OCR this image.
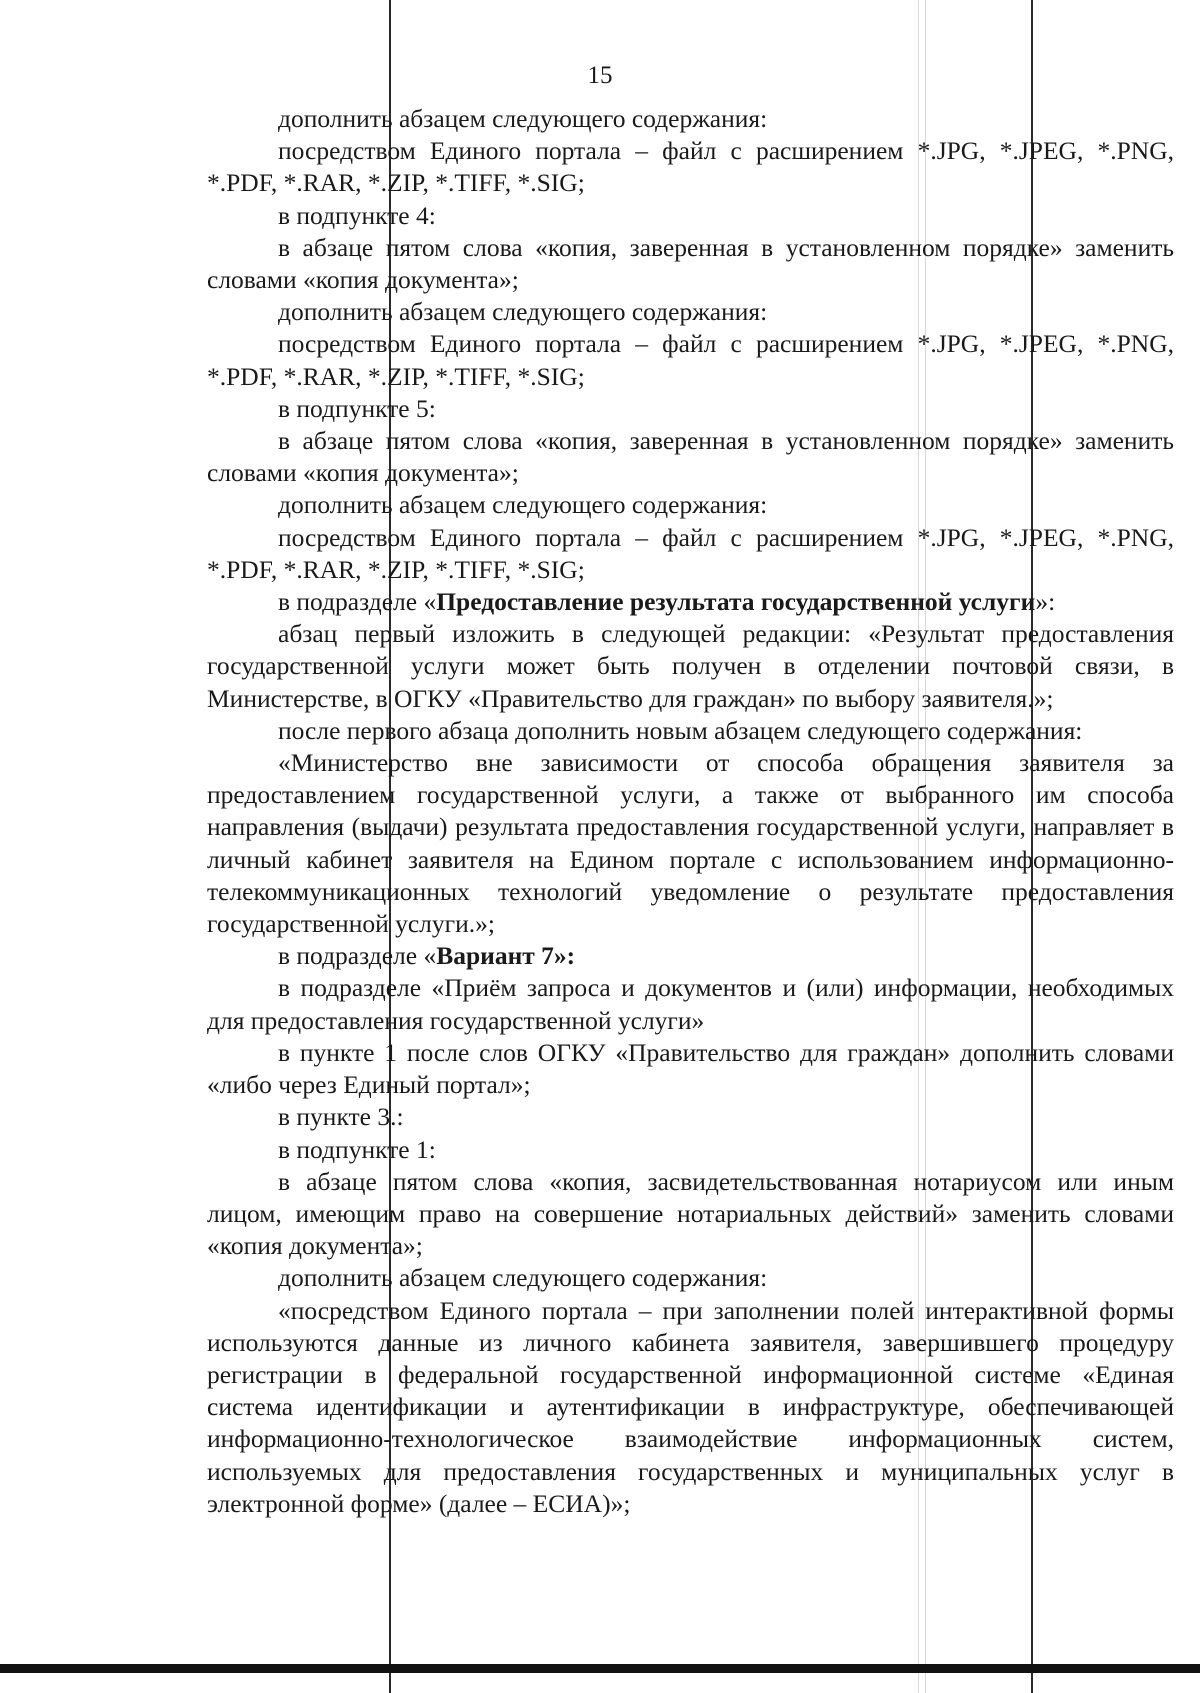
15

дополнить абзацем следующего содержания:

посредством Единого портала – файл с расширением *.JPG, *.JPEG, *.PNG, *.PDF, *.RAR, *.ZIP, *.TIFF, *.SIG;

в подпункте 4:

в абзаце пятом слова «копия, заверенная в установленном порядке» заменить словами «копия документа»;

дополнить абзацем следующего содержания:

посредством Единого портала – файл с расширением *.JPG, *.JPEG, *.PNG, *.PDF, *.RAR, *.ZIP, *.TIFF, *.SIG;

в подпункте 5:

в абзаце пятом слова «копия, заверенная в установленном порядке» заменить словами «копия документа»;

дополнить абзацем следующего содержания:

посредством Единого портала – файл с расширением *.JPG, *.JPEG, *.PNG, *.PDF, *.RAR, *.ZIP, *.TIFF, *.SIG;

в подразделе «Предоставление результата государственной услуги»:

абзац первый изложить в следующей редакции: «Результат предоставления государственной услуги может быть получен в отделении почтовой связи, в Министерстве, в ОГКУ «Правительство для граждан» по выбору заявителя.»;

после первого абзаца дополнить новым абзацем следующего содержания:

«Министерство вне зависимости от способа обращения заявителя за предоставлением государственной услуги, а также от выбранного им способа направления (выдачи) результата предоставления государственной услуги, направляет в личный кабинет заявителя на Едином портале с использованием информационно-телекоммуникационных технологий уведомление о результате предоставления государственной услуги.»;

в подразделе «Вариант 7»:

в подразделе «Приём запроса и документов и (или) информации, необходимых для предоставления государственной услуги»

в пункте 1 после слов ОГКУ «Правительство для граждан» дополнить словами «либо через Единый портал»;

в пункте 3.:

в подпункте 1:

в абзаце пятом слова «копия, засвидетельствованная нотариусом или иным лицом, имеющим право на совершение нотариальных действий» заменить словами «копия документа»;

дополнить абзацем следующего содержания:

«посредством Единого портала – при заполнении полей интерактивной формы используются данные из личного кабинета заявителя, завершившего процедуру регистрации в федеральной государственной информационной системе «Единая система идентификации и аутентификации в инфраструктуре, обеспечивающей информационно-технологическое взаимодействие информационных систем, используемых для предоставления государственных и муниципальных услуг в электронной форме» (далее – ЕСИА)»;
